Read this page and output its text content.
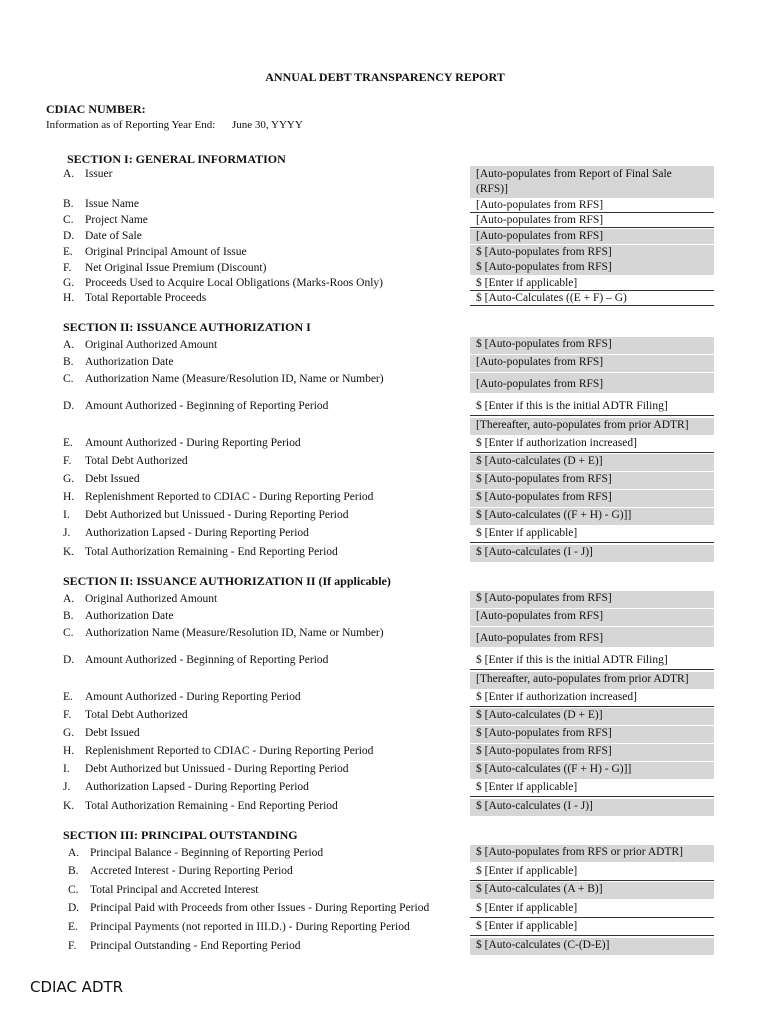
ANNUAL DEBT TRANSPARENCY REPORT
CDIAC NUMBER:
Information as of Reporting Year End: June 30, YYYY
SECTION I: GENERAL INFORMATION
A. Issuer
B. Issue Name
C. Project Name
D. Date of Sale
E. Original Principal Amount of Issue
F. Net Original Issue Premium (Discount)
G. Proceeds Used to Acquire Local Obligations (Marks-Roos Only)
H. Total Reportable Proceeds
[Auto-populates from Report of Final Sale
(RFS)]
[Auto-populates from RFS]
[Auto-populates from RFS]
[Auto-populates from RFS]
$ [Auto-populates from RFS]
$ [Auto-populates from RFS]
$ [Enter if applicable]
$ [Auto-Calculates ((E + F) – G)
SECTION II: ISSUANCE AUTHORIZATION I
A. Original Authorized Amount
B. Authorization Date
C. Authorization Name (Measure/Resolution ID, Name or Number)
D. Amount Authorized - Beginning of Reporting Period
E. Amount Authorized - During Reporting Period
F. Total Debt Authorized
G. Debt Issued
H. Replenishment Reported to CDIAC - During Reporting Period
I. Debt Authorized but Unissued - During Reporting Period
J. Authorization Lapsed - During Reporting Period
K. Total Authorization Remaining - End Reporting Period
$ [Auto-populates from RFS]
[Auto-populates from RFS]
[Auto-populates from RFS]
$ [Enter if this is the initial ADTR Filing]
[Thereafter, auto-populates from prior ADTR]
$ [Enter if authorization increased]
$ [Auto-calculates (D + E)]
$ [Auto-populates from RFS]
$ [Auto-populates from RFS]
$ [Auto-calculates ((F + H) - G)]]
$ [Enter if applicable]
$ [Auto-calculates (I - J)]
SECTION II: ISSUANCE AUTHORIZATION II (If applicable)
A. Original Authorized Amount
B. Authorization Date
C. Authorization Name (Measure/Resolution ID, Name or Number)
D. Amount Authorized - Beginning of Reporting Period
E. Amount Authorized - During Reporting Period
F. Total Debt Authorized
G. Debt Issued
H. Replenishment Reported to CDIAC - During Reporting Period
I. Debt Authorized but Unissued - During Reporting Period
J. Authorization Lapsed - During Reporting Period
K. Total Authorization Remaining - End Reporting Period
$ [Auto-populates from RFS]
[Auto-populates from RFS]
[Auto-populates from RFS]
$ [Enter if this is the initial ADTR Filing]
[Thereafter, auto-populates from prior ADTR]
$ [Enter if authorization increased]
$ [Auto-calculates (D + E)]
$ [Auto-populates from RFS]
$ [Auto-populates from RFS]
$ [Auto-calculates ((F + H) - G)]]
$ [Enter if applicable]
$ [Auto-calculates (I - J)]
SECTION III: PRINCIPAL OUTSTANDING
A. Principal Balance - Beginning of Reporting Period
B. Accreted Interest - During Reporting Period
C. Total Principal and Accreted Interest
D. Principal Paid with Proceeds from other Issues - During Reporting Period
E. Principal Payments (not reported in III.D.) - During Reporting Period
F. Principal Outstanding - End Reporting Period
$ [Auto-populates from RFS or prior ADTR]
$ [Enter if applicable]
$ [Auto-calculates (A + B)]
$ [Enter if applicable]
$ [Enter if applicable]
$ [Auto-calculates (C-(D-E)]
CDIAC ADTR
